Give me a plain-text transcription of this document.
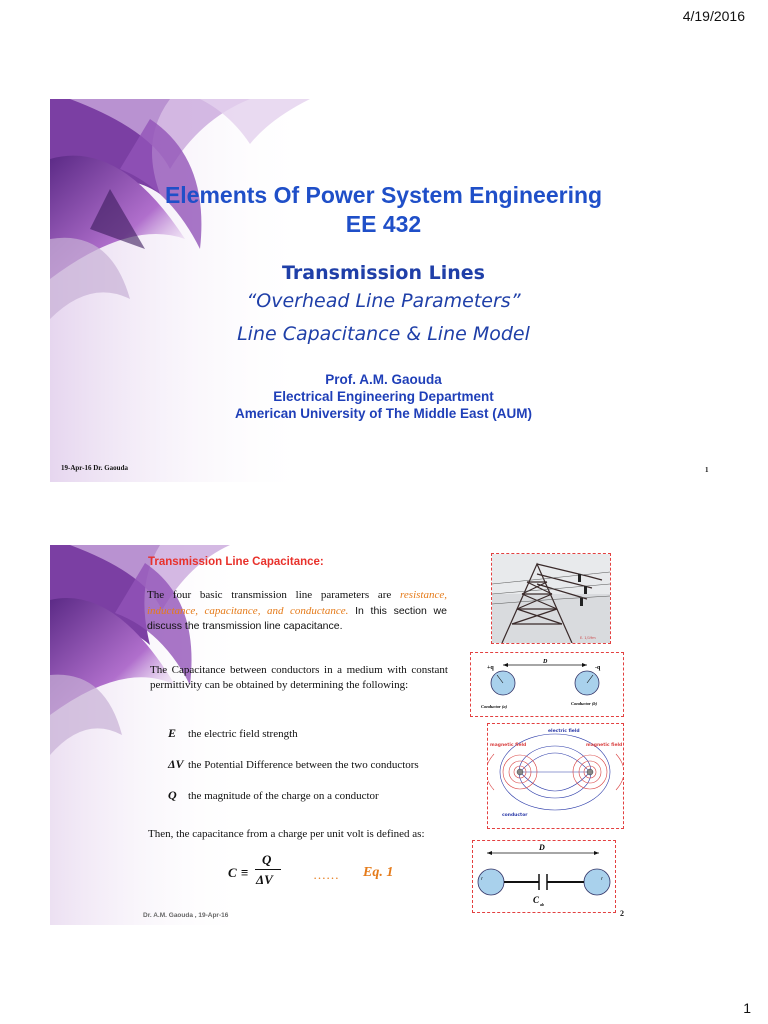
4/19/2016
Elements Of Power System Engineering
EE 432
Transmission Lines
“Overhead Line Parameters”
Line Capacitance & Line Model
Prof. A.M. Gaouda
Electrical Engineering Department
American University of The Middle East (AUM)
19-Apr-16 Dr. Gaouda	1
Transmission Line Capacitance:
The four basic transmission line parameters are resistance, inductance, capacitance, and conductance. In this section we discuss the transmission line capacitance.
The Capacitance between conductors in a medium with constant permittivity can be obtained by determining the following:
E the electric field strength
ΔV the Potential Difference between the two conductors
Q the magnitude of the charge on a conductor
Then, the capacitance from a charge per unit volt is defined as:
C ≡
Q
ΔV	…… Eq. 1
E. 1/19m
D
+q	-q
Conductor (a)
Conductor (b)
electric field
magnetic field	magnetic field
conductor
D
C ab
r	r
Dr. A.M. Gaouda , 19-Apr-16	2
1
